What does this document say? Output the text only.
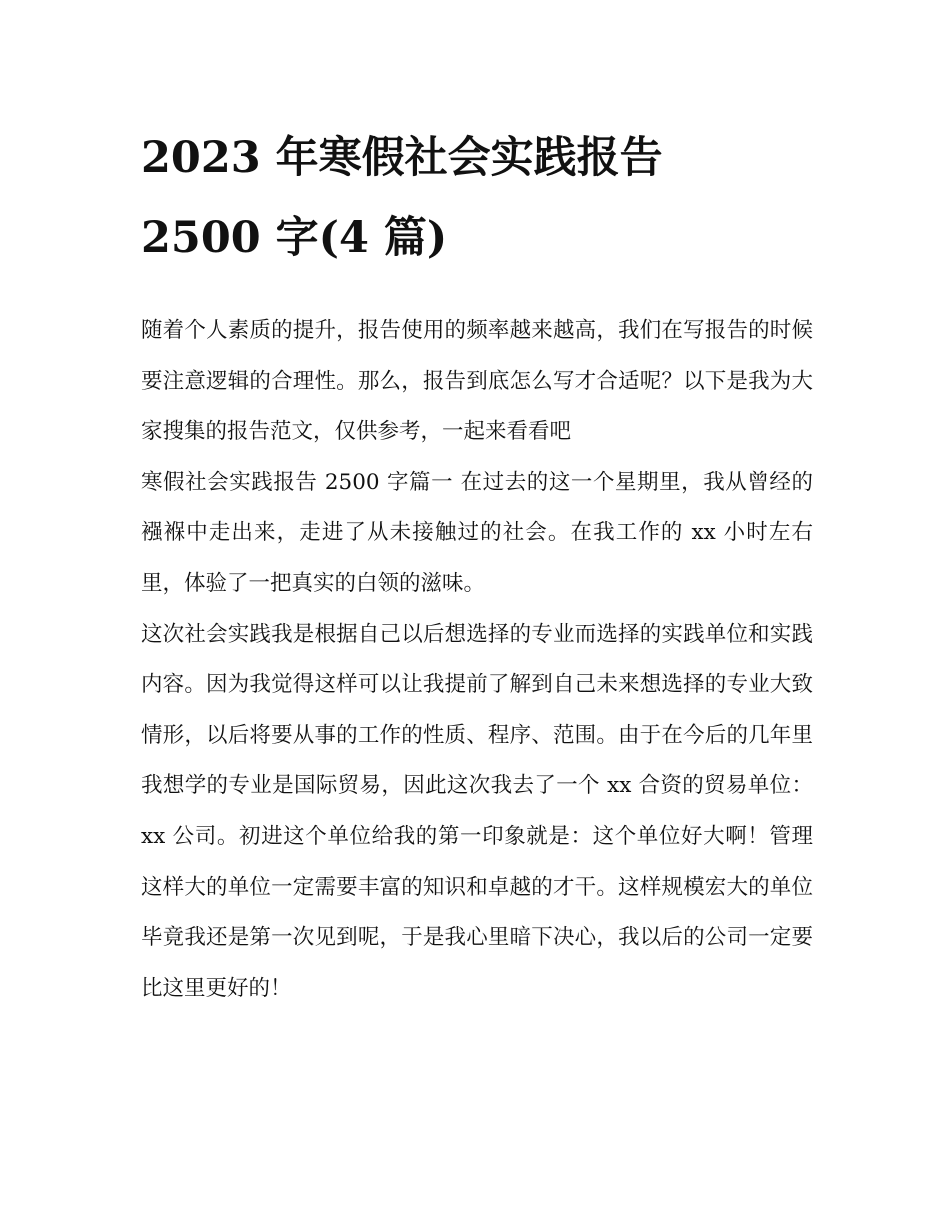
2023 年寒假社会实践报告
2500 字(4 篇)

随着个人素质的提升，报告使用的频率越来越高，我们在写报告的时候要注意逻辑的合理性。那么，报告到底怎么写才合适呢？以下是我为大家搜集的报告范文，仅供参考，一起来看看吧

寒假社会实践报告 2500 字篇一 在过去的这一个星期里，我从曾经的襁褓中走出来，走进了从未接触过的社会。在我工作的 xx 小时左右里，体验了一把真实的白领的滋味。

这次社会实践我是根据自己以后想选择的专业而选择的实践单位和实践内容。因为我觉得这样可以让我提前了解到自己未来想选择的专业大致情形，以后将要从事的工作的性质、程序、范围。由于在今后的几年里我想学的专业是国际贸易，因此这次我去了一个 xx 合资的贸易单位：xx 公司。初进这个单位给我的第一印象就是：这个单位好大啊！管理这样大的单位一定需要丰富的知识和卓越的才干。这样规模宏大的单位毕竟我还是第一次见到呢，于是我心里暗下决心，我以后的公司一定要比这里更好的！
